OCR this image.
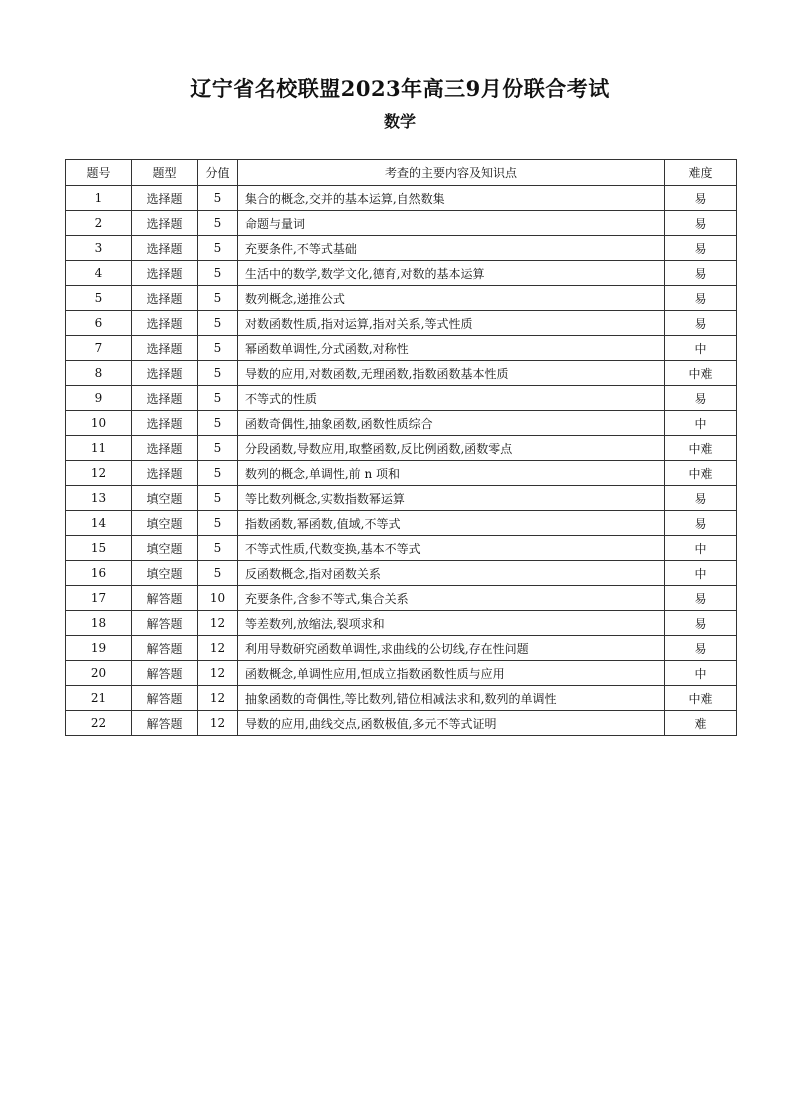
辽宁省名校联盟2023年高三9月份联合考试
数学
题号	题型	分值	考查的主要内容及知识点	难度
1	选择题	5	集合的概念,交并的基本运算,自然数集	易
2	选择题	5	命题与量词	易
3	选择题	5	充要条件,不等式基础	易
4	选择题	5	生活中的数学,数学文化,德育,对数的基本运算	易
5	选择题	5	数列概念,递推公式	易
6	选择题	5	对数函数性质,指对运算,指对关系,等式性质	易
7	选择题	5	幂函数单调性,分式函数,对称性	中
8	选择题	5	导数的应用,对数函数,无理函数,指数函数基本性质	中难
9	选择题	5	不等式的性质	易
10	选择题	5	函数奇偶性,抽象函数,函数性质综合	中
11	选择题	5	分段函数,导数应用,取整函数,反比例函数,函数零点	中难
12	选择题	5	数列的概念,单调性,前 n 项和	中难
13	填空题	5	等比数列概念,实数指数幂运算	易
14	填空题	5	指数函数,幂函数,值域,不等式	易
15	填空题	5	不等式性质,代数变换,基本不等式	中
16	填空题	5	反函数概念,指对函数关系	中
17	解答题	10	充要条件,含参不等式,集合关系	易
18	解答题	12	等差数列,放缩法,裂项求和	易
19	解答题	12	利用导数研究函数单调性,求曲线的公切线,存在性问题	易
20	解答题	12	函数概念,单调性应用,恒成立指数函数性质与应用	中
21	解答题	12	抽象函数的奇偶性,等比数列,错位相减法求和,数列的单调性	中难
22	解答题	12	导数的应用,曲线交点,函数极值,多元不等式证明	难
